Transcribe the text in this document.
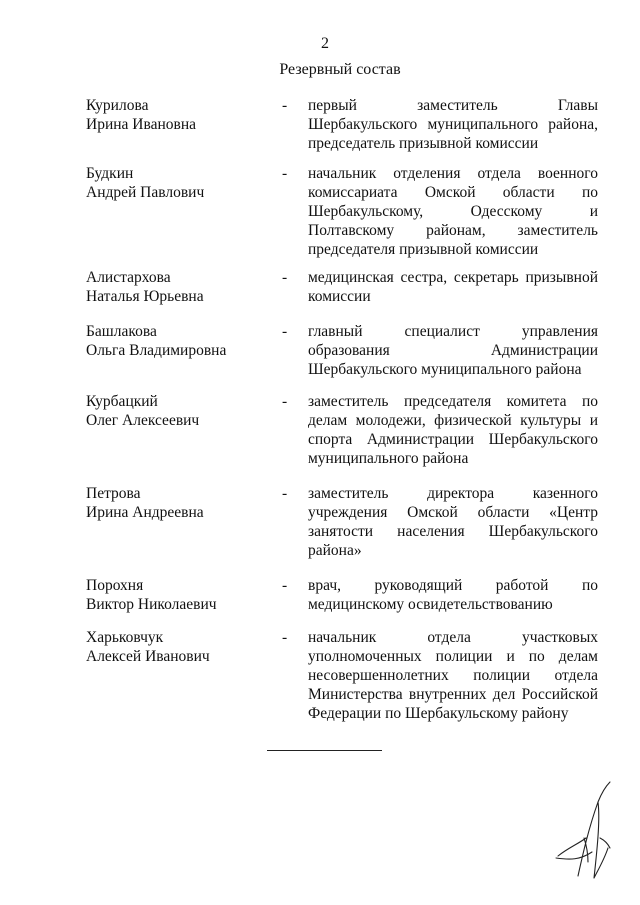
2
Резервный состав
Курилова
Ирина Ивановна
- первый заместитель Главы Шербакульского муниципального района, председатель призывной комиссии
Будкин
Андрей Павлович
- начальник отделения отдела военного комиссариата Омской области по Шербакульскому, Одесскому и Полтавскому районам, заместитель председателя призывной комиссии
Алистархова
Наталья Юрьевна
- медицинская сестра, секретарь призывной комиссии
Башлакова
Ольга Владимировна
- главный специалист управления образования Администрации Шербакульского муниципального района
Курбацкий
Олег Алексеевич
- заместитель председателя комитета по делам молодежи, физической культуры и спорта Администрации Шербакульского муниципального района
Петрова
Ирина Андреевна
- заместитель директора казенного учреждения Омской области «Центр занятости населения Шербакульского района»
Порохня
Виктор Николаевич
- врач, руководящий работой по медицинскому освидетельствованию
Харьковчук
Алексей Иванович
- начальник отдела участковых уполномоченных полиции и по делам несовершеннолетних полиции отдела Министерства внутренних дел Российской Федерации по Шербакульскому району
